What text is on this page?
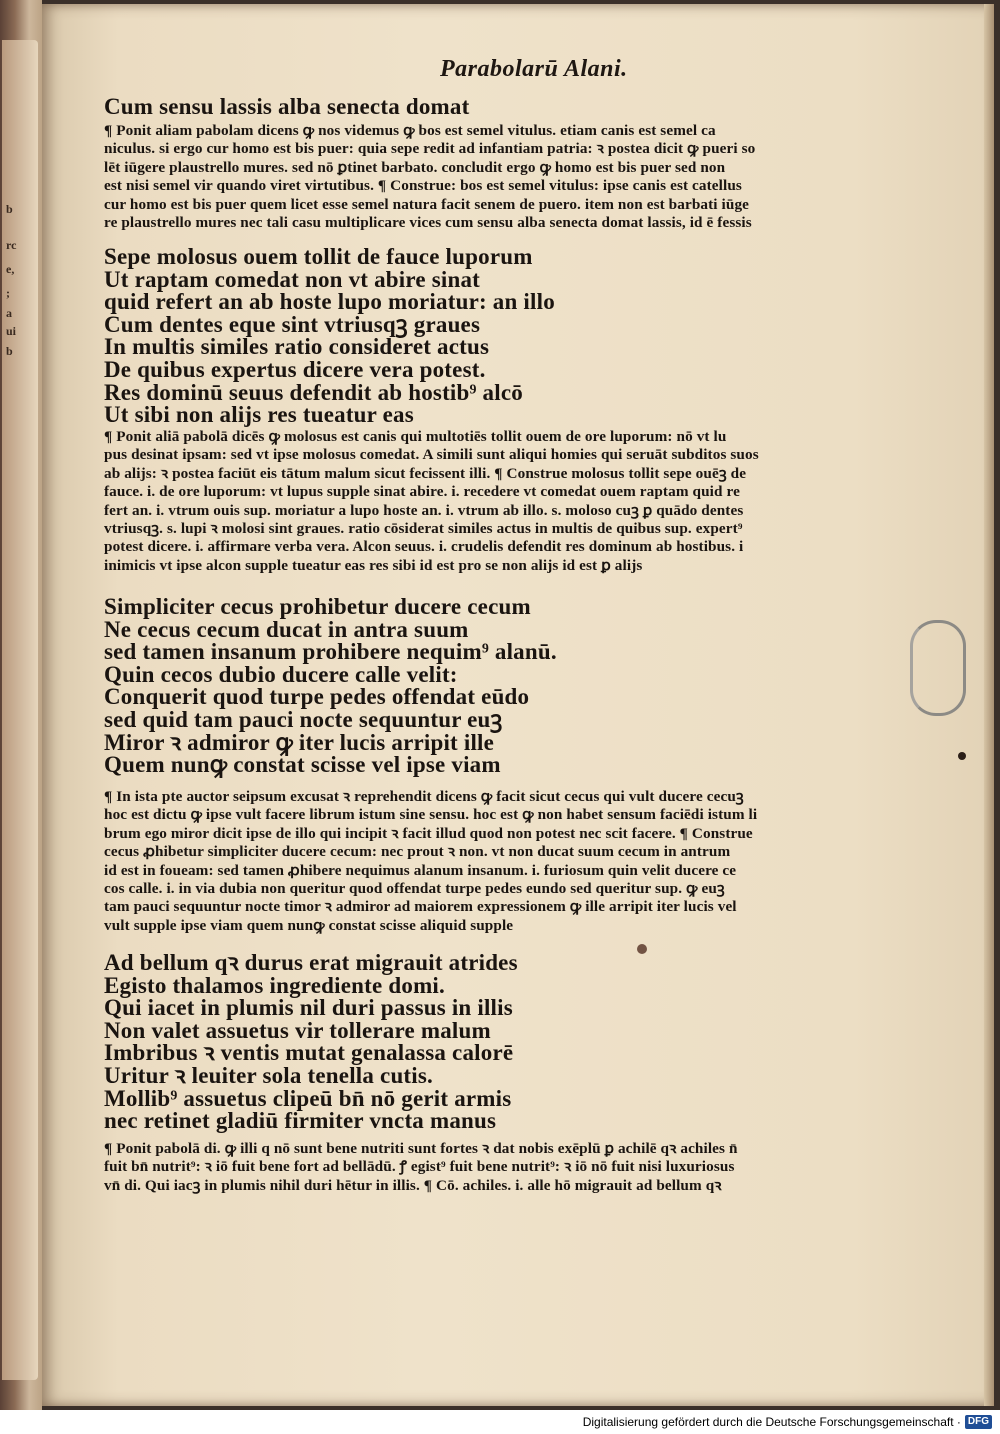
b
rc
e,
;
a
ui
b
Parabolarū Alani.
Cum sensu lassis alba senecta domat
¶ Ponit aliam pabolam dicens ꝙ nos videmus ꝙ bos est semel vitulus. etiam canis est semel ca
niculus. si ergo cur homo est bis puer: quia sepe redit ad infantiam patria: ꝛ postea dicit ꝙ pueri so
lēt iūgere plaustrello mures. sed nō ꝑtinet barbato. concludit ergo ꝙ homo est bis puer sed non
est nisi semel vir quando viret virtutibus. ¶ Construe: bos est semel vitulus: ipse canis est catellus
cur homo est bis puer quem licet esse semel natura facit senem de puero. item non est barbati iūge
re plaustrello mures nec tali casu multiplicare vices cum sensu alba senecta domat lassis, id ē fessis
Sepe molosus ouem tollit de fauce luporum
Ut raptam comedat non vt abire sinat
quid refert an ab hoste lupo moriatur: an illo
Cum dentes eque sint vtriusqꝫ graues
In multis similes ratio consideret actus
De quibus expertus dicere vera potest.
Res dominū seuus defendit ab hostib⁹ alcō
Ut sibi non alijs res tueatur eas
¶ Ponit aliā pabolā dicēs ꝙ molosus est canis qui multotiēs tollit ouem de ore luporum: nō vt lu
pus desinat ipsam: sed vt ipse molosus comedat. A simili sunt aliqui homies qui seruāt subditos suos
ab alijs: ꝛ postea faciūt eis tātum malum sicut fecissent illi. ¶ Construe molosus tollit sepe ouēꝫ de
fauce. i. de ore luporum: vt lupus supple sinat abire. i. recedere vt comedat ouem raptam quid re
fert an. i. vtrum ouis sup. moriatur a lupo hoste an. i. vtrum ab illo. s. moloso cuꝫ ꝑ quādo dentes
vtriusqꝫ. s. lupi ꝛ molosi sint graues. ratio cōsiderat similes actus in multis de quibus sup. expert⁹
potest dicere. i. affirmare verba vera. Alcon seuus. i. crudelis defendit res dominum ab hostibus. i
inimicis vt ipse alcon supple tueatur eas res sibi id est pro se non alijs id est ꝑ alijs
Simpliciter cecus prohibetur ducere cecum
Ne cecus cecum ducat in antra suum
sed tamen insanum prohibere nequim⁹ alanū.
Quin cecos dubio ducere calle velit:
Conquerit quod turpe pedes offendat eūdo
sed quid tam pauci nocte sequuntur euꝫ
Miror ꝛ admiror ꝙ iter lucis arripit ille
Quem nunꝙ constat scisse vel ipse viam
¶ In ista pte auctor seipsum excusat ꝛ reprehendit dicens ꝙ facit sicut cecus qui vult ducere cecuꝫ
hoc est dictu ꝙ ipse vult facere librum istum sine sensu. hoc est ꝙ non habet sensum faciēdi istum li
brum ego miror dicit ipse de illo qui incipit ꝛ facit illud quod non potest nec scit facere. ¶ Construe
cecus ꝓhibetur simpliciter ducere cecum: nec prout ꝛ non. vt non ducat suum cecum in antrum
id est in foueam: sed tamen ꝓhibere nequimus alanum insanum. i. furiosum quin velit ducere ce
cos calle. i. in via dubia non queritur quod offendat turpe pedes eundo sed queritur sup. ꝙ euꝫ
tam pauci sequuntur nocte timor ꝛ admiror ad maiorem expressionem ꝙ ille arripit iter lucis vel
vult supple ipse viam quem nunꝙ constat scisse aliquid supple
Ad bellum qꝛ durus erat migrauit atrides
Egisto thalamos ingrediente domi.
Qui iacet in plumis nil duri passus in illis
Non valet assuetus vir tollerare malum
Imbribus ꝛ ventis mutat genalassa calorē
Uritur ꝛ leuiter sola tenella cutis.
Mollib⁹ assuetus clipeū bn̄ nō gerit armis
nec retinet gladiū firmiter vncta manus
¶ Ponit pabolā di. ꝙ illi q nō sunt bene nutriti sunt fortes ꝛ dat nobis exēplū ꝑ achilē qꝛ achiles n̄
fuit bn̄ nutrit⁹: ꝛ iō fuit bene fort ad bellādū. ꝭ egist⁹ fuit bene nutrit⁹: ꝛ iō nō fuit nisi luxuriosus
vn̄ di. Qui iacꝫ in plumis nihil duri hētur in illis. ¶ Cō. achiles. i. alle hō migrauit ad bellum qꝛ
Digitalisierung gefördert durch die Deutsche Forschungsgemeinschaft · DFG
